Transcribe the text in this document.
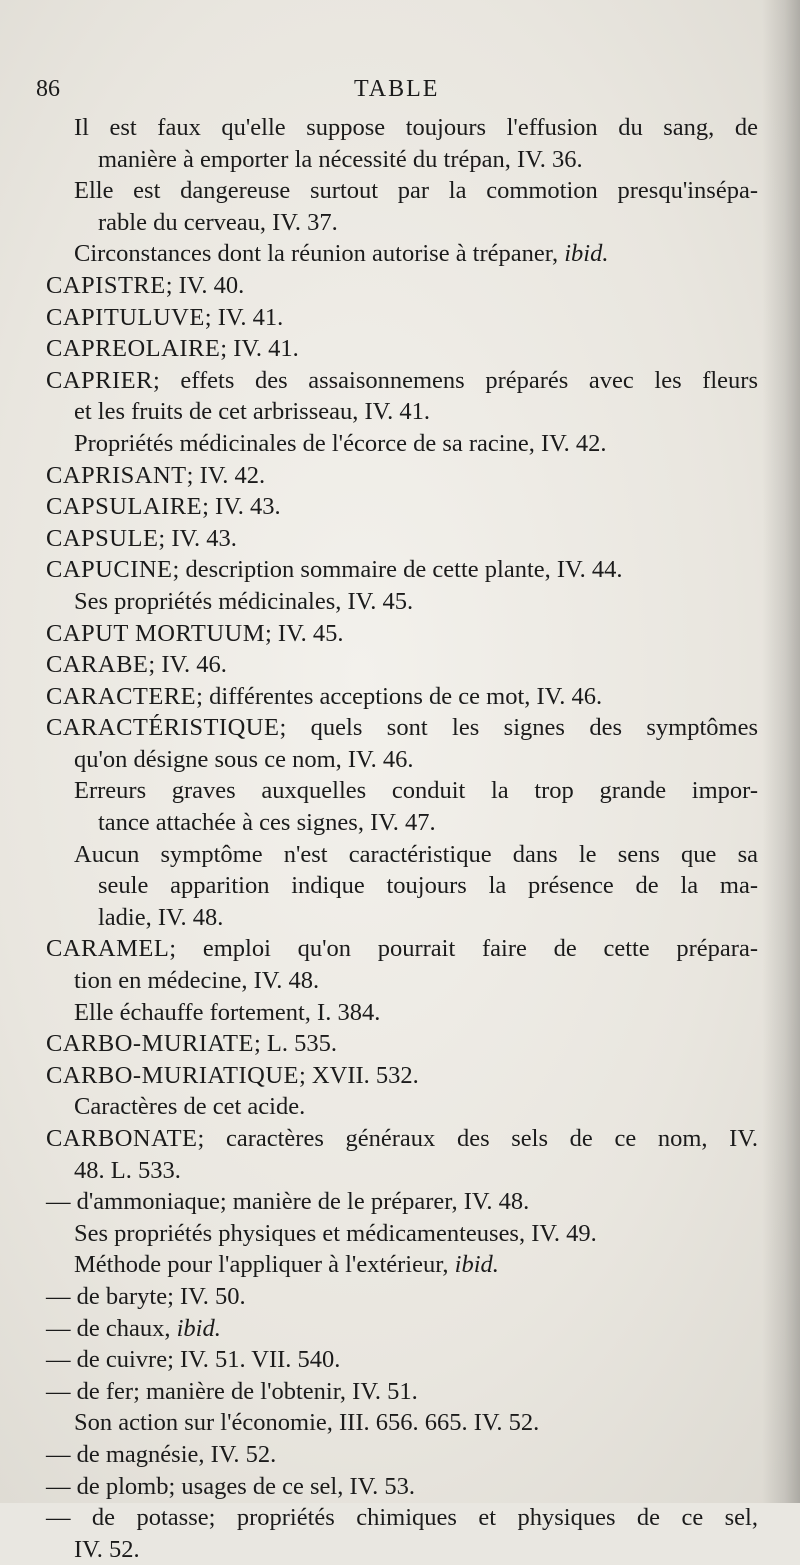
86	TABLE
Il est faux qu'elle suppose toujours l'effusion du sang, de
manière à emporter la nécessité du trépan, IV. 36.
Elle est dangereuse surtout par la commotion presqu'insépa-
rable du cerveau, IV. 37.
Circonstances dont la réunion autorise à trépaner, ibid.
CAPISTRE; IV. 40.
CAPITULUVE; IV. 41.
CAPREOLAIRE; IV. 41.
CAPRIER; effets des assaisonnemens préparés avec les fleurs
et les fruits de cet arbrisseau, IV. 41.
Propriétés médicinales de l'écorce de sa racine, IV. 42.
CAPRISANT; IV. 42.
CAPSULAIRE; IV. 43.
CAPSULE; IV. 43.
CAPUCINE; description sommaire de cette plante, IV. 44.
Ses propriétés médicinales, IV. 45.
CAPUT MORTUUM; IV. 45.
CARABE; IV. 46.
CARACTERE; différentes acceptions de ce mot, IV. 46.
CARACTÉRISTIQUE; quels sont les signes des symptômes
qu'on désigne sous ce nom, IV. 46.
Erreurs graves auxquelles conduit la trop grande impor-
tance attachée à ces signes, IV. 47.
Aucun symptôme n'est caractéristique dans le sens que sa
seule apparition indique toujours la présence de la ma-
ladie, IV. 48.
CARAMEL; emploi qu'on pourrait faire de cette prépara-
tion en médecine, IV. 48.
Elle échauffe fortement, I. 384.
CARBO-MURIATE; L. 535.
CARBO-MURIATIQUE; XVII. 532.
Caractères de cet acide.
CARBONATE; caractères généraux des sels de ce nom, IV.
48. L. 533.
— d'ammoniaque; manière de le préparer, IV. 48.
Ses propriétés physiques et médicamenteuses, IV. 49.
Méthode pour l'appliquer à l'extérieur, ibid.
— de baryte; IV. 50.
— de chaux, ibid.
— de cuivre; IV. 51. VII. 540.
— de fer; manière de l'obtenir, IV. 51.
Son action sur l'économie, III. 656. 665. IV. 52.
— de magnésie, IV. 52.
— de plomb; usages de ce sel, IV. 53.
— de potasse; propriétés chimiques et physiques de ce sel,
IV. 52.
